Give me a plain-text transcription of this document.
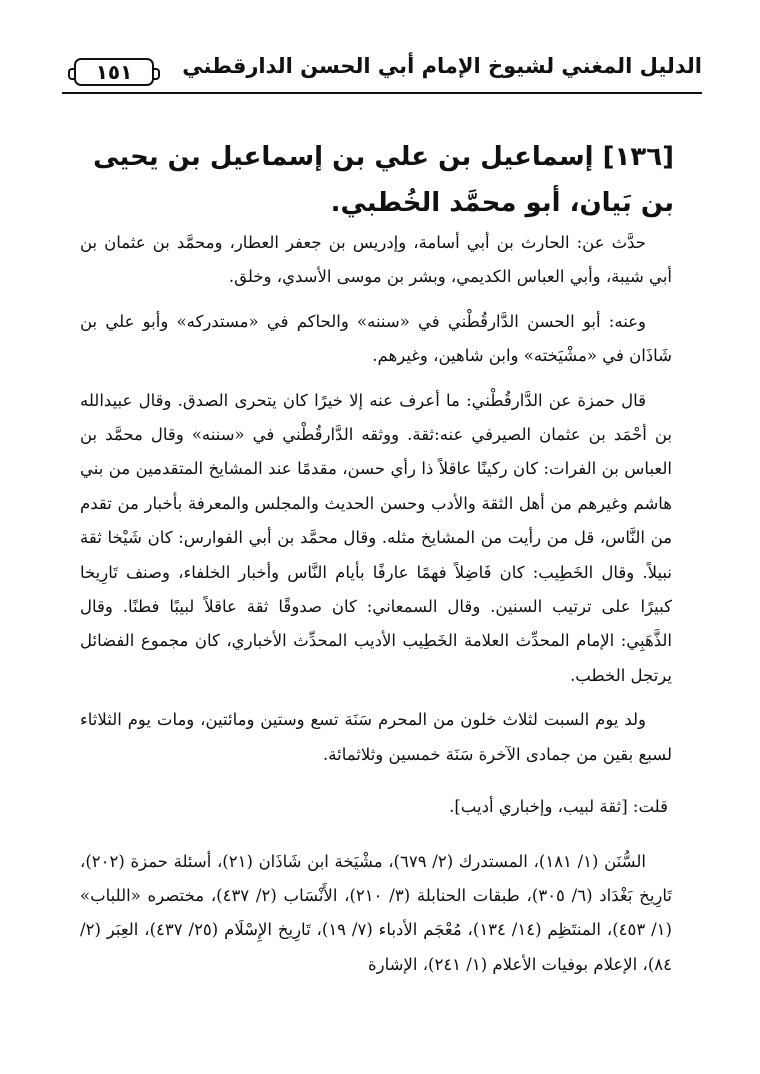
الدليل المغني لشيوخ الإمام أبي الحسن الدارقطني
١٥١
[١٣٦] إسماعيل بن علي بن إسماعيل بن يحيى بن بَيان، أبو محمَّد الخُطبي.

حدَّث عن: الحارث بن أبي أسامة، وإدريس بن جعفر العطار، ومحمَّد بن عثمان بن أبي شيبة، وأبي العباس الكديمي، وبشر بن موسى الأسدي، وخلق.

وعنه: أبو الحسن الدَّارقُطْني في «سننه» والحاكم في «مستدركه» وأبو علي بن شَاذَان في «مشْيَخته» وابن شاهين، وغيرهم.

قال حمزة عن الدَّارقُطْني: ما أعرف عنه إلا خيرًا كان يتحرى الصدق. وقال عبيدالله بن أحْمَد بن عثمان الصيرفي عنه:ثقة. ووثقه الدَّارقُطْني في «سننه» وقال محمَّد بن العباس بن الفرات: كان ركينًا عاقلاً ذا رأي حسن، مقدمًا عند المشايخ المتقدمين من بني هاشم وغيرهم من أهل الثقة والأدب وحسن الحديث والمجلس والمعرفة بأخبار من تقدم من النَّاس، قل من رأيت من المشايخ مثله. وقال محمَّد بن أبي الفوارس: كان شَيْخا ثقة نبيلاً. وقال الخَطِيب: كان فَاضِلاً فهمًا عارفًا بأيام النَّاس وأخبار الخلفاء، وصنف تَارِيخا كبيرًا على ترتيب السنين. وقال السمعاني: كان صدوقًا ثقة عاقلاً لبيبًا فطنًا. وقال الذَّهَبِي: الإمام المحدِّث العلامة الخَطِيب الأديب المحدِّث الأخباري، كان مجموع الفضائل يرتجل الخطب.

ولد يوم السبت لثلاث خلون من المحرم سَنَة تسع وستين ومائتين، ومات يوم الثلاثاء لسبع بقين من جمادى الآخرة سَنَة خمسين وثلاثمائة.

قلت: [ثقة لبيب، وإخباري أديب].

السُّنَن (١/ ١٨١)، المستدرك (٢/ ٦٧٩)، مشْيَخة ابن شَاذَان (٢١)، أسئلة حمزة (٢٠٢)، تَارِيخ بَغْدَاد (٦/ ٣٠٥)، طبقات الحنابلة (٣/ ٢١٠)، الأَنْسَاب (٢/ ٤٣٧)، مختصره «اللباب» (١/ ٤٥٣)، المنتَظِم (١٤/ ١٣٤)، مُعْجَم الأدباء (٧/ ١٩)، تَارِيخ الإِسْلَام (٢٥/ ٤٣٧)، العِبَر (٢/ ٨٤)، الإعلام بوفيات الأعلام (١/ ٢٤١)، الإشارة
